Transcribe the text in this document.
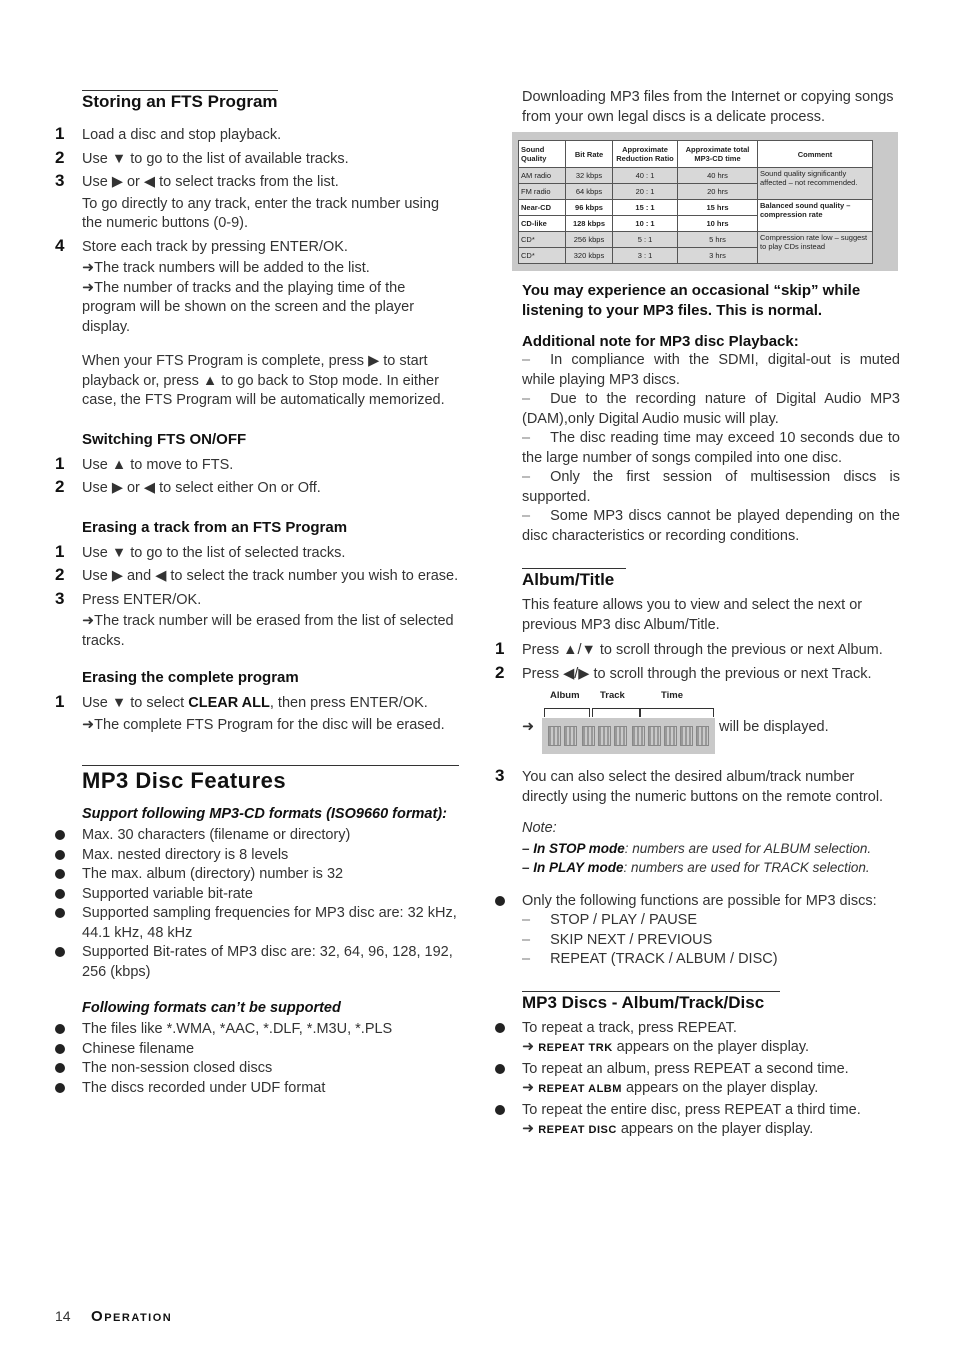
Storing an FTS Program
1 Load a disc and stop playback.
2 Use ▼ to go to the list of available tracks.
3 Use ▶ or ◀ to select tracks from the list.
To go directly to any track, enter the track number using the numeric buttons (0-9).
4 Store each track by pressing ENTER/OK.
➜The track numbers will be added to the list.
➜The number of tracks and the playing time of the program will be shown on the screen and the player display.
When your FTS Program is complete, press ▶ to start playback or, press ▲ to go back to Stop mode. In either case, the FTS Program will be automatically memorized.
Switching FTS ON/OFF
1 Use ▲ to move to FTS.
2 Use ▶ or ◀ to select either On or Off.
Erasing a track from an FTS Program
1 Use ▼ to go to the list of selected tracks.
2 Use ▶ and ◀ to select the track number you wish to erase.
3 Press ENTER/OK.
➜The track number will be erased from the list of selected tracks.
Erasing the complete program
1 Use ▼ to select CLEAR ALL, then press ENTER/OK.
➜The complete FTS Program for the disc will be erased.
MP3 Disc Features
Support following MP3-CD formats (ISO9660 format):
Max. 30 characters (filename or directory)
Max. nested directory is 8 levels
The max. album (directory) number is 32
Supported variable bit-rate
Supported sampling frequencies for MP3 disc are: 32 kHz, 44.1 kHz, 48 kHz
Supported Bit-rates of MP3 disc are: 32, 64, 96, 128, 192, 256 (kbps)
Following formats can’t be supported
The files like *.WMA, *AAC, *.DLF, *.M3U, *.PLS
Chinese filename
The non-session closed discs
The discs recorded under UDF format
Downloading MP3 files from the Internet or copying songs from your own legal discs is a delicate process.
Sound Quality	Bit Rate	Approximate Reduction Ratio	Approximate total MP3-CD time	Comment
AM radio	32 kbps	40 : 1	40 hrs	Sound quality significantly affected – not recommended.
FM radio	64 kbps	20 : 1	20 hrs	
Near-CD	96 kbps	15 : 1	15 hrs	Balanced sound quality – compression rate
CD-like	128 kbps	10 : 1	10 hrs	
CD*	256 kbps	5 : 1	5 hrs	Compression rate low – suggest to play CDs instead
CD*	320 kbps	3 : 1	3 hrs	
You may experience an occasional “skip” while listening to your MP3 files. This is normal.
Additional note for MP3 disc Playback:
– In compliance with the SDMI, digital-out is muted while playing MP3 discs.
– Due to the recording nature of Digital Audio MP3 (DAM),only Digital Audio music will play.
– The disc reading time may exceed 10 seconds due to the large number of songs compiled into one disc.
– Only the first session of multisession discs is supported.
– Some MP3 discs cannot be played depending on the disc characteristics or recording conditions.
Album/Title
This feature allows you to view and select the next or previous MP3 disc Album/Title.
1 Press ▲/▼ to scroll through the previous or next Album.
2 Press ◀/▶ to scroll through the previous or next Track.
Album Track	Time
➜	will be displayed.
3 You can also select the desired album/track number directly using the numeric buttons on the remote control.
Note:
– In STOP mode: numbers are used for ALBUM selection.
– In PLAY mode: numbers are used for TRACK selection.
Only the following functions are possible for MP3 discs:
– STOP / PLAY / PAUSE
– SKIP NEXT / PREVIOUS
– REPEAT (TRACK / ALBUM / DISC)
MP3 Discs - Album/Track/Disc
To repeat a track, press REPEAT.
➜ REPEAT TRK appears on the player display.
To repeat an album, press REPEAT a second time.
➜ REPEAT ALBM appears on the player display.
To repeat the entire disc, press REPEAT a third time.
➜ REPEAT DISC appears on the player display.
14 Operation
